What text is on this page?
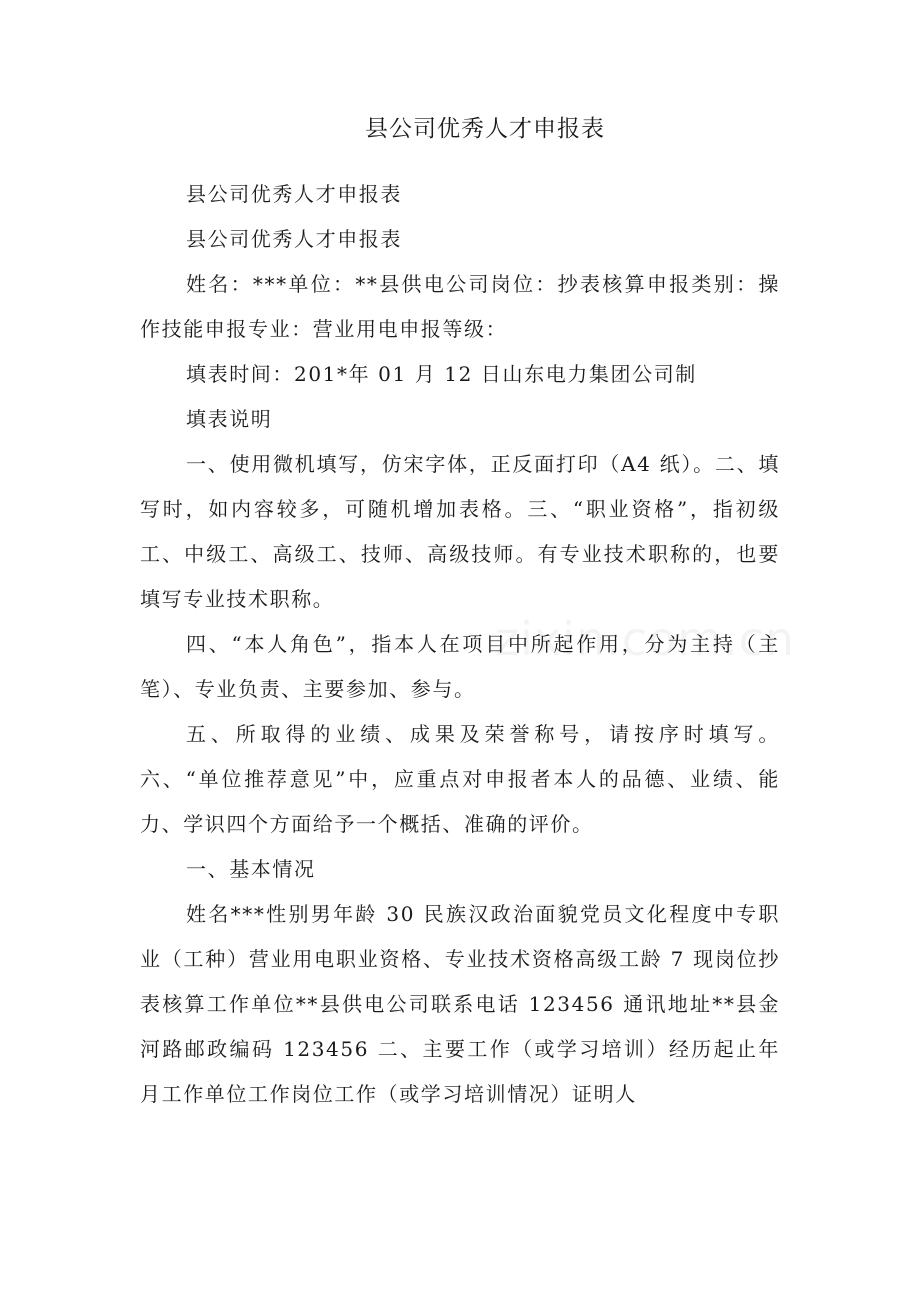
县公司优秀人才申报表

县公司优秀人才申报表

县公司优秀人才申报表

姓名：***单位：**县供电公司岗位：抄表核算申报类别：操作技能申报专业：营业用电申报等级：

填表时间：201*年 01 月 12 日山东电力集团公司制

填表说明

一、使用微机填写，仿宋字体，正反面打印（A4 纸）。二、填写时，如内容较多，可随机增加表格。三、“职业资格”，指初级工、中级工、高级工、技师、高级技师。有专业技术职称的，也要填写专业技术职称。

四、“本人角色”，指本人在项目中所起作用，分为主持（主笔）、专业负责、主要参加、参与。

五、所取得的业绩、成果及荣誉称号，请按序时填写。六、“单位推荐意见”中，应重点对申报者本人的品德、业绩、能力、学识四个方面给予一个概括、准确的评价。

一、基本情况

姓名***性别男年龄 30 民族汉政治面貌党员文化程度中专职业（工种）营业用电职业资格、专业技术资格高级工龄 7 现岗位抄表核算工作单位**县供电公司联系电话 123456 通讯地址**县金河路邮政编码 123456 二、主要工作（或学习培训）经历起止年月工作单位工作岗位工作（或学习培训情况）证明人
